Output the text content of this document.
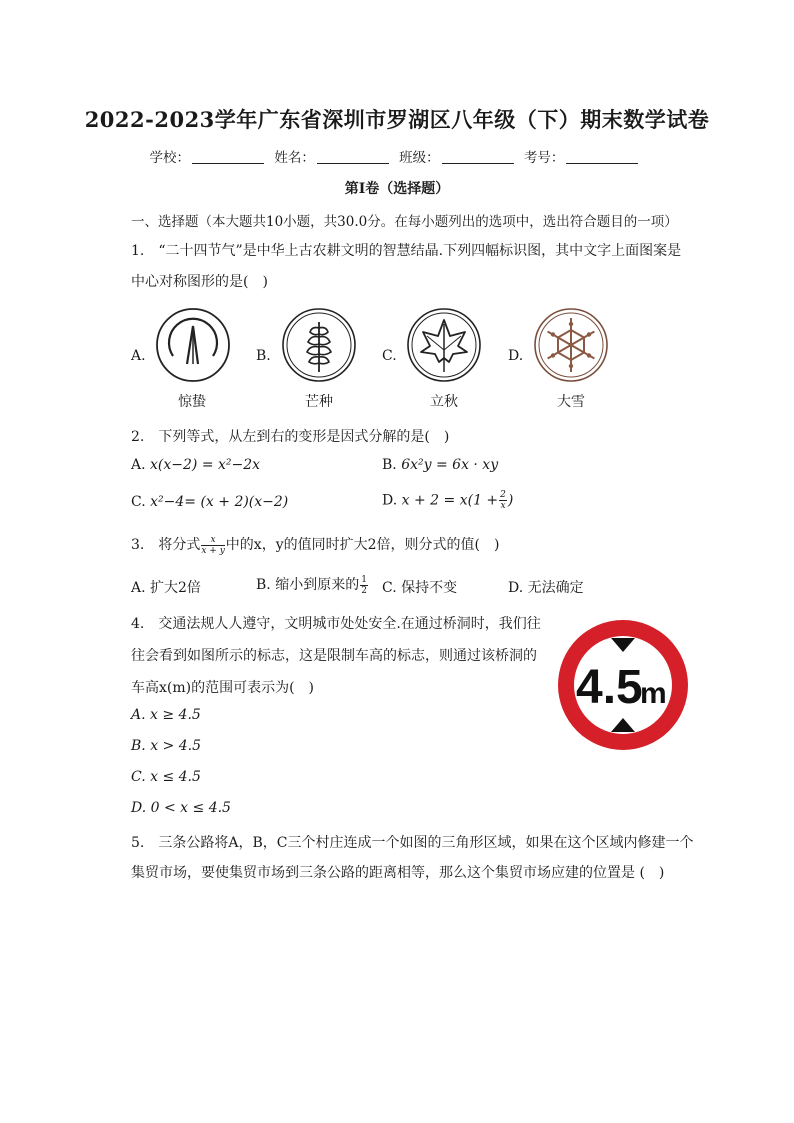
2022-2023学年广东省深圳市罗湖区八年级（下）期末数学试卷
学校：	姓名：	班级：	考号：
第I卷（选择题）
一、选择题（本大题共10小题，共30.0分。在每小题列出的选项中，选出符合题目的一项）
1.　“二十四节气”是中华上古农耕文明的智慧结晶.下列四幅标识图，其中文字上面图案是
中心对称图形的是(　)
A.
惊蛰
B.
芒种
C.
立秋
D.
大雪
2.　下列等式，从左到右的变形是因式分解的是(　)
A. x(x−2) = x²−2x	B. 6x²y = 6x · xy
C. x²−4= (x + 2)(x−2)	D. $x + 2 = x(1 + \frac{2}{x}$ )
3.　将分式 $\frac{x}{x + y}$ 中的x，y的值同时扩大2倍，则分式的值(　)
A. 扩大2倍	B. 缩小到原来的 $\frac{1}{2} C$. 保持不变	D. 无法确定
4.　交通法规人人遵守，文明城市处处安全.在通过桥洞时，我们往
往会看到如图所示的标志，这是限制车高的标志，则通过该桥洞的
车高x(m)的范围可表示为(　)
A. x ≥ 4.5
B. x > 4.5
C. x ≤ 4.5
D. 0 < x ≤ 4.5
4.5
m
5.　三条公路将A，B，C三个村庄连成一个如图的三角形区域，如果在这个区域内修建一个
集贸市场，要使集贸市场到三条公路的距离相等，那么这个集贸市场应建的位置是 (　)
